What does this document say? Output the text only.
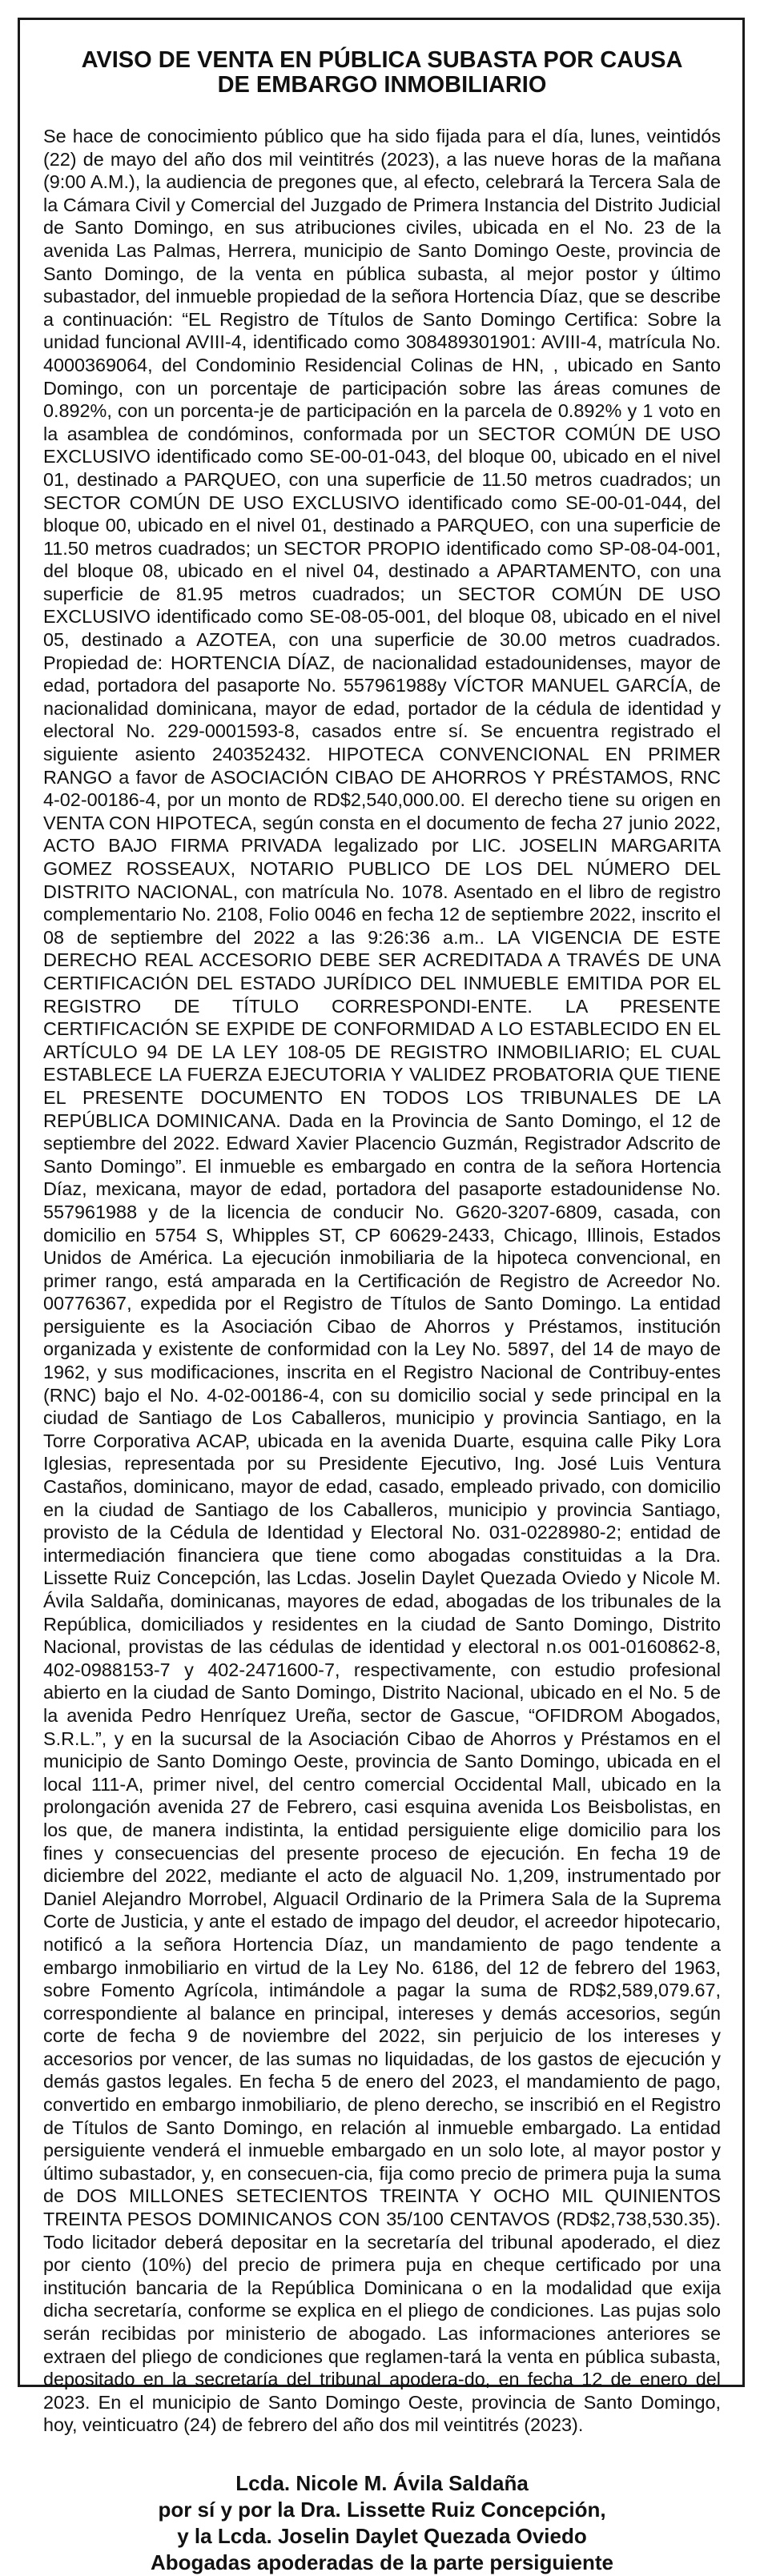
AVISO DE VENTA EN PÚBLICA SUBASTA POR CAUSA
DE EMBARGO INMOBILIARIO

Se hace de conocimiento público que ha sido fijada para el día, lunes, veintidós (22) de mayo del año dos mil veintitrés (2023), a las nueve horas de la mañana (9:00 A.M.), la audiencia de pregones que, al efecto, celebrará la Tercera Sala de la Cámara Civil y Comercial del Juzgado de Primera Instancia del Distrito Judicial de Santo Domingo, en sus atribuciones civiles, ubicada en el No. 23 de la avenida Las Palmas, Herrera, municipio de Santo Domingo Oeste, provincia de Santo Domingo, de la venta en pública subasta, al mejor postor y último subastador, del inmueble propiedad de la señora Hortencia Díaz, que se describe a continuación: “EL Registro de Títulos de Santo Domingo Certifica: Sobre la unidad funcional AVIII-4, identificado como 308489301901: AVIII-4, matrícula No. 4000369064, del Condominio Residencial Colinas de HN, , ubicado en Santo Domingo, con un porcentaje de participación sobre las áreas comunes de 0.892%, con un porcenta-je de participación en la parcela de 0.892% y 1 voto en la asamblea de condóminos, conformada por un SECTOR COMÚN DE USO EXCLUSIVO identificado como SE-00-01-043, del bloque 00, ubicado en el nivel 01, destinado a PARQUEO, con una superficie de 11.50 metros cuadrados; un SECTOR COMÚN DE USO EXCLUSIVO identificado como SE-00-01-044, del bloque 00, ubicado en el nivel 01, destinado a PARQUEO, con una superficie de 11.50 metros cuadrados; un SECTOR PROPIO identificado como SP-08-04-001, del bloque 08, ubicado en el nivel 04, destinado a APARTAMENTO, con una superficie de 81.95 metros cuadrados; un SECTOR COMÚN DE USO EXCLUSIVO identificado como SE-08-05-001, del bloque 08, ubicado en el nivel 05, destinado a AZOTEA, con una superficie de 30.00 metros cuadrados. Propiedad de: HORTENCIA DÍAZ, de nacionalidad estadounidenses, mayor de edad, portadora del pasaporte No. 557961988y VÍCTOR MANUEL GARCÍA, de nacionalidad dominicana, mayor de edad, portador de la cédula de identidad y electoral No. 229-0001593-8, casados entre sí. Se encuentra registrado el siguiente asiento 240352432. HIPOTECA CONVENCIONAL EN PRIMER RANGO a favor de ASOCIACIÓN CIBAO DE AHORROS Y PRÉSTAMOS, RNC 4-02-00186-4, por un monto de RD$2,540,000.00. El derecho tiene su origen en VENTA CON HIPOTECA, según consta en el documento de fecha 27 junio 2022, ACTO BAJO FIRMA PRIVADA legalizado por LIC. JOSELIN MARGARITA GOMEZ ROSSEAUX, NOTARIO PUBLICO DE LOS DEL NÚMERO DEL DISTRITO NACIONAL, con matrícula No. 1078. Asentado en el libro de registro complementario No. 2108, Folio 0046 en fecha 12 de septiembre 2022, inscrito el 08 de septiembre del 2022 a las 9:26:36 a.m.. LA VIGENCIA DE ESTE DERECHO REAL ACCESORIO DEBE SER ACREDITADA A TRAVÉS DE UNA CERTIFICACIÓN DEL ESTADO JURÍDICO DEL INMUEBLE EMITIDA POR EL REGISTRO DE TÍTULO CORRESPONDI-ENTE. LA PRESENTE CERTIFICACIÓN SE EXPIDE DE CONFORMIDAD A LO ESTABLECIDO EN EL ARTÍCULO 94 DE LA LEY 108-05 DE REGISTRO INMOBILIARIO; EL CUAL ESTABLECE LA FUERZA EJECUTORIA Y VALIDEZ PROBATORIA QUE TIENE EL PRESENTE DOCUMENTO EN TODOS LOS TRIBUNALES DE LA REPÚBLICA DOMINICANA. Dada en la Provincia de Santo Domingo, el 12 de septiembre del 2022. Edward Xavier Placencio Guzmán, Registrador Adscrito de Santo Domingo”. El inmueble es embargado en contra de la señora Hortencia Díaz, mexicana, mayor de edad, portadora del pasaporte estadounidense No. 557961988 y de la licencia de conducir No. G620-3207-6809, casada, con domicilio en 5754 S, Whipples ST, CP 60629-2433, Chicago, Illinois, Estados Unidos de América. La ejecución inmobiliaria de la hipoteca convencional, en primer rango, está amparada en la Certificación de Registro de Acreedor No. 00776367, expedida por el Registro de Títulos de Santo Domingo. La entidad persiguiente es la Asociación Cibao de Ahorros y Préstamos, institución organizada y existente de conformidad con la Ley No. 5897, del 14 de mayo de 1962, y sus modificaciones, inscrita en el Registro Nacional de Contribuy-entes (RNC) bajo el No. 4-02-00186-4, con su domicilio social y sede principal en la ciudad de Santiago de Los Caballeros, municipio y provincia Santiago, en la Torre Corporativa ACAP, ubicada en la avenida Duarte, esquina calle Piky Lora Iglesias, representada por su Presidente Ejecutivo, Ing. José Luis Ventura Castaños, dominicano, mayor de edad, casado, empleado privado, con domicilio en la ciudad de Santiago de los Caballeros, municipio y provincia Santiago, provisto de la Cédula de Identidad y Electoral No. 031-0228980-2; entidad de intermediación financiera que tiene como abogadas constituidas a la Dra. Lissette Ruiz Concepción, las Lcdas. Joselin Daylet Quezada Oviedo y Nicole M. Ávila Saldaña, dominicanas, mayores de edad, abogadas de los tribunales de la República, domiciliados y residentes en la ciudad de Santo Domingo, Distrito Nacional, provistas de las cédulas de identidad y electoral n.os 001-0160862-8, 402-0988153-7 y 402-2471600-7, respectivamente, con estudio profesional abierto en la ciudad de Santo Domingo, Distrito Nacional, ubicado en el No. 5 de la avenida Pedro Henríquez Ureña, sector de Gascue, “OFIDROM Abogados, S.R.L.”, y en la sucursal de la Asociación Cibao de Ahorros y Préstamos en el municipio de Santo Domingo Oeste, provincia de Santo Domingo, ubicada en el local 111-A, primer nivel, del centro comercial Occidental Mall, ubicado en la prolongación avenida 27 de Febrero, casi esquina avenida Los Beisbolistas, en los que, de manera indistinta, la entidad persiguiente elige domicilio para los fines y consecuencias del presente proceso de ejecución. En fecha 19 de diciembre del 2022, mediante el acto de alguacil No. 1,209, instrumentado por Daniel Alejandro Morrobel, Alguacil Ordinario de la Primera Sala de la Suprema Corte de Justicia, y ante el estado de impago del deudor, el acreedor hipotecario, notificó a la señora Hortencia Díaz, un mandamiento de pago tendente a embargo inmobiliario en virtud de la Ley No. 6186, del 12 de febrero del 1963, sobre Fomento Agrícola, intimándole a pagar la suma de RD$2,589,079.67, correspondiente al balance en principal, intereses y demás accesorios, según corte de fecha 9 de noviembre del 2022, sin perjuicio de los intereses y accesorios por vencer, de las sumas no liquidadas, de los gastos de ejecución y demás gastos legales. En fecha 5 de enero del 2023, el mandamiento de pago, convertido en embargo inmobiliario, de pleno derecho, se inscribió en el Registro de Títulos de Santo Domingo, en relación al inmueble embargado. La entidad persiguiente venderá el inmueble embargado en un solo lote, al mayor postor y último subastador, y, en consecuen-cia, fija como precio de primera puja la suma de DOS MILLONES SETECIENTOS TREINTA Y OCHO MIL QUINIENTOS TREINTA PESOS DOMINICANOS CON 35/100 CENTAVOS (RD$2,738,530.35). Todo licitador deberá depositar en la secretaría del tribunal apoderado, el diez por ciento (10%) del precio de primera puja en cheque certificado por una institución bancaria de la República Dominicana o en la modalidad que exija dicha secretaría, conforme se explica en el pliego de condiciones. Las pujas solo serán recibidas por ministerio de abogado. Las informaciones anteriores se extraen del pliego de condiciones que reglamen-tará la venta en pública subasta, depositado en la secretaría del tribunal apodera-do, en fecha 12 de enero del 2023. En el municipio de Santo Domingo Oeste, provincia de Santo Domingo, hoy, veinticuatro (24) de febrero del año dos mil veintitrés (2023).

Lcda. Nicole M. Ávila Saldaña
por sí y por la Dra. Lissette Ruiz Concepción,
y la Lcda. Joselin Daylet Quezada Oviedo
Abogadas apoderadas de la parte persiguiente
